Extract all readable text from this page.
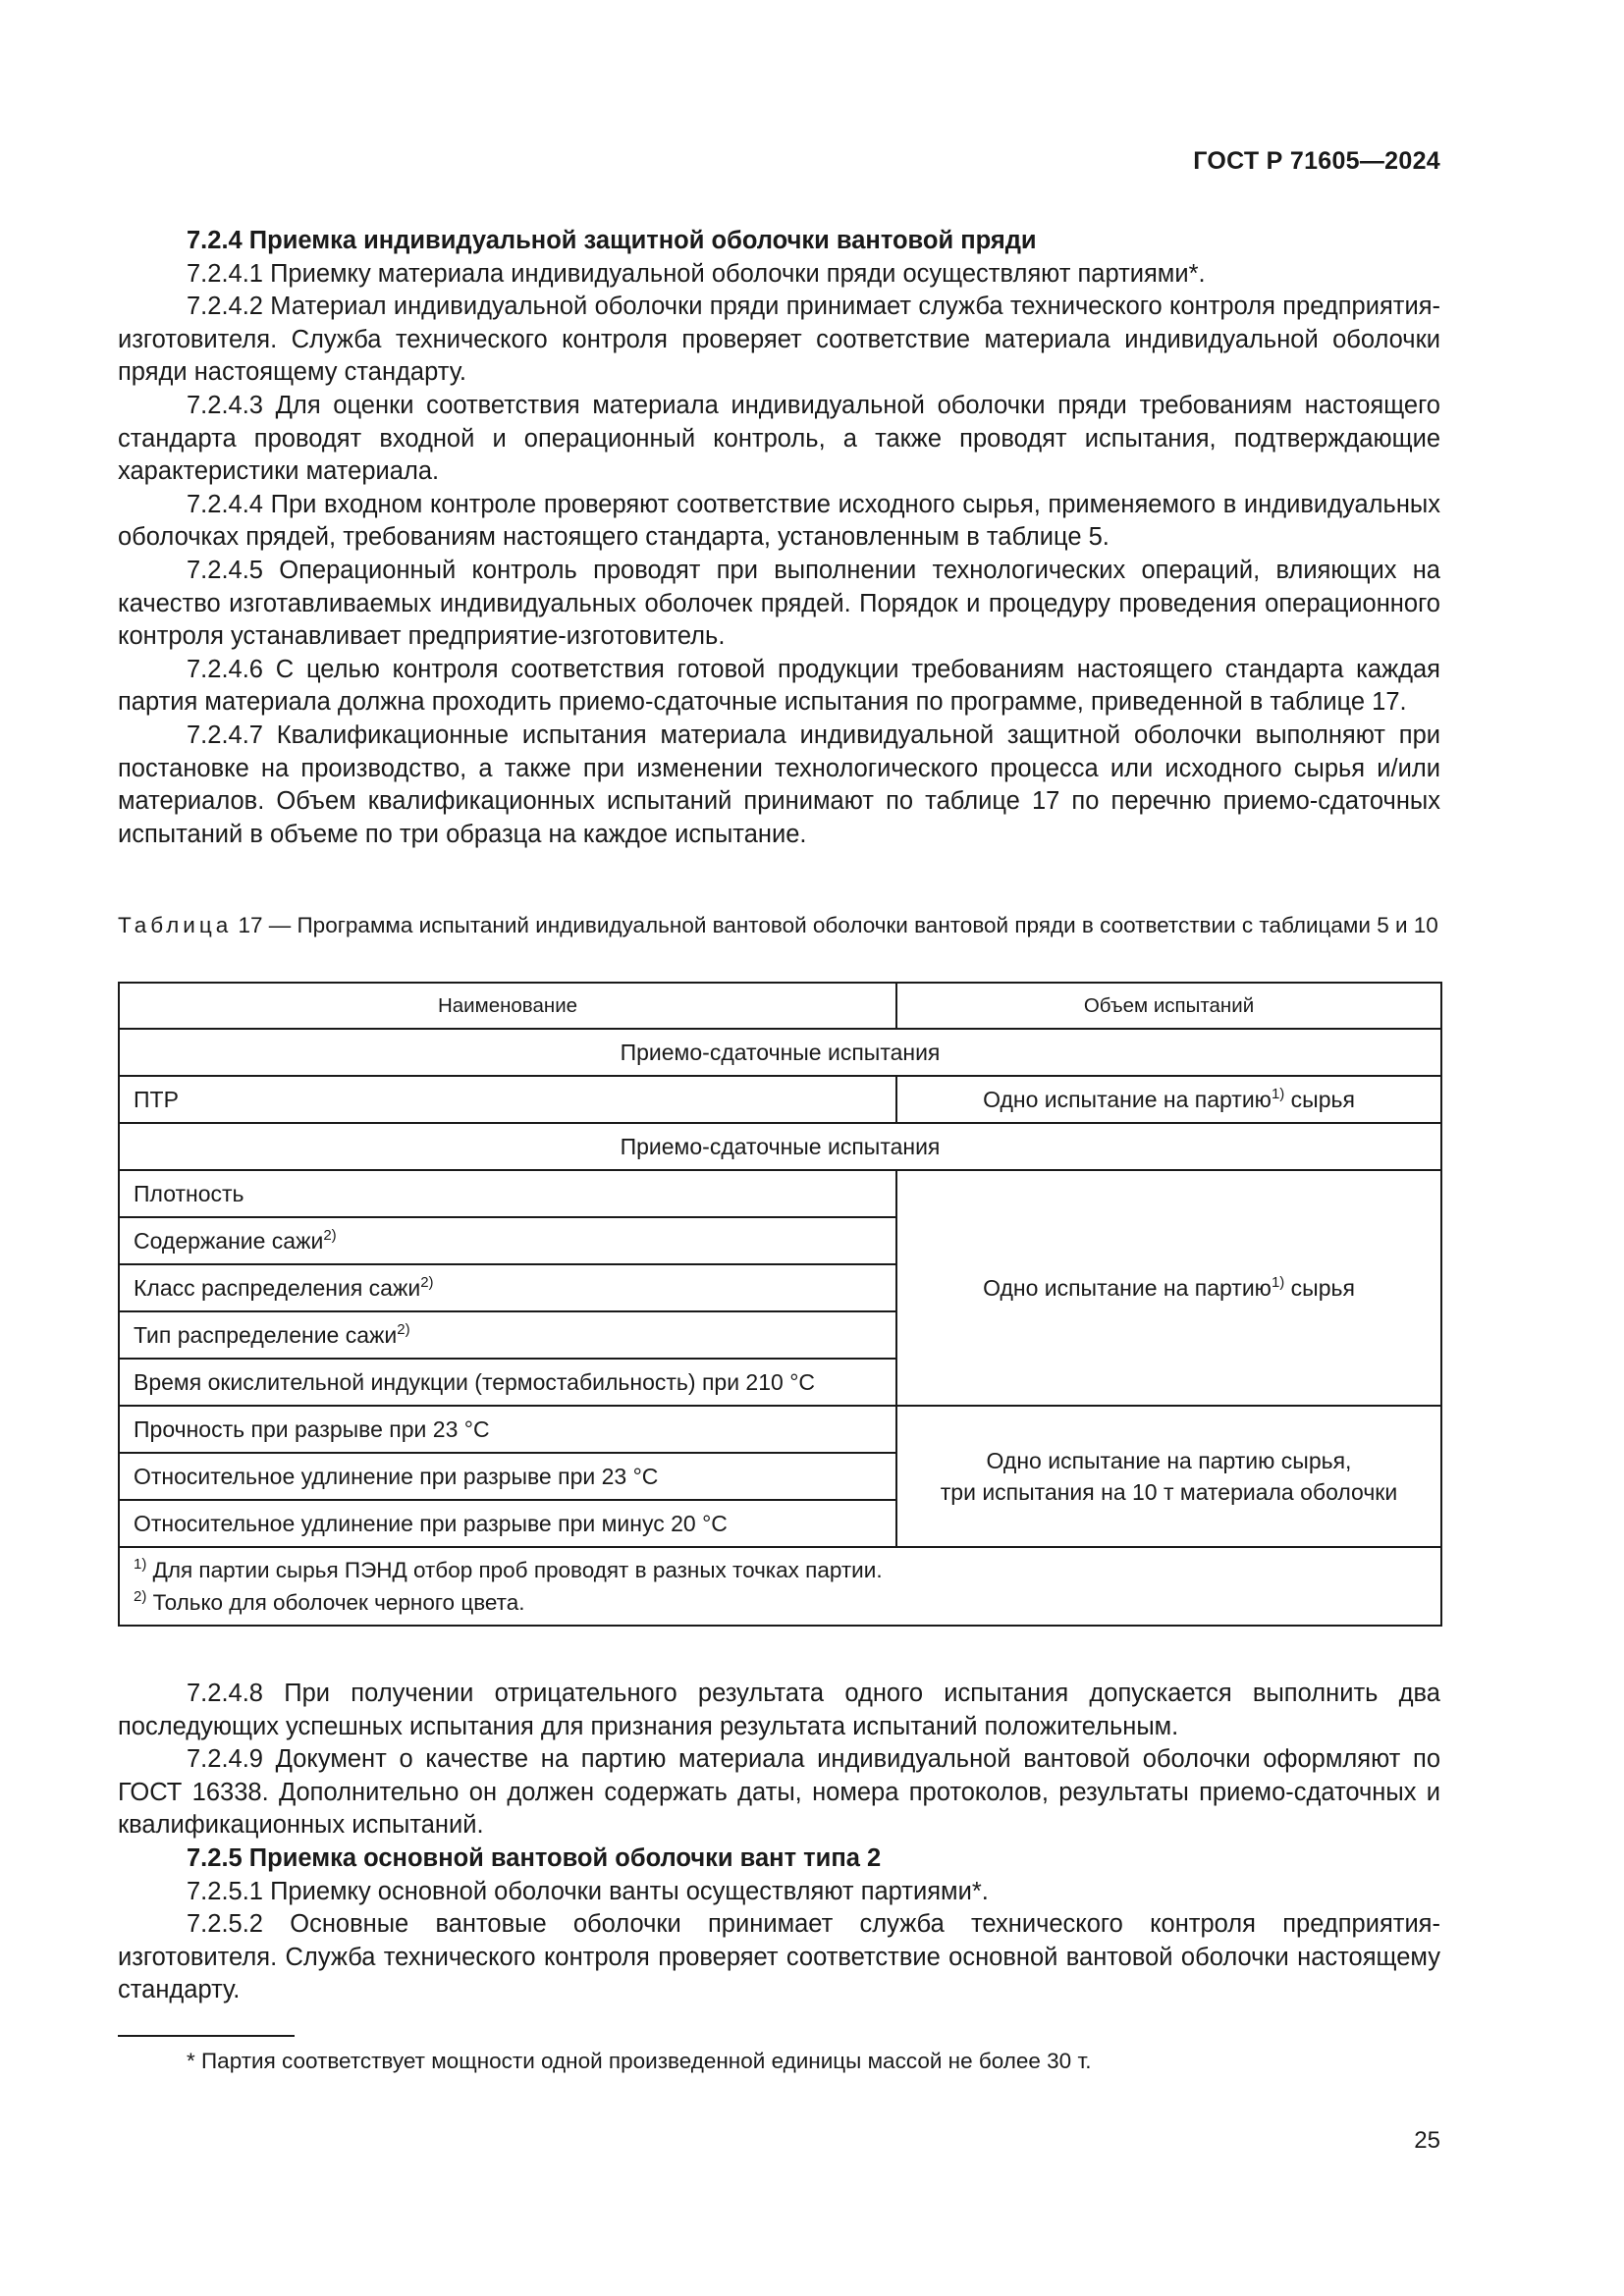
ГОСТ Р 71605—2024

7.2.4 Приемка индивидуальной защитной оболочки вантовой пряди

7.2.4.1 Приемку материала индивидуальной оболочки пряди осуществляют партиями*.

7.2.4.2 Материал индивидуальной оболочки пряди принимает служба технического контроля предприятия-изготовителя. Служба технического контроля проверяет соответствие материала индивидуальной оболочки пряди настоящему стандарту.

7.2.4.3 Для оценки соответствия материала индивидуальной оболочки пряди требованиям настоящего стандарта проводят входной и операционный контроль, а также проводят испытания, подтверждающие характеристики материала.

7.2.4.4 При входном контроле проверяют соответствие исходного сырья, применяемого в индивидуальных оболочках прядей, требованиям настоящего стандарта, установленным в таблице 5.

7.2.4.5 Операционный контроль проводят при выполнении технологических операций, влияющих на качество изготавливаемых индивидуальных оболочек прядей. Порядок и процедуру проведения операционного контроля устанавливает предприятие-изготовитель.

7.2.4.6 С целью контроля соответствия готовой продукции требованиям настоящего стандарта каждая партия материала должна проходить приемо-сдаточные испытания по программе, приведенной в таблице 17.

7.2.4.7 Квалификационные испытания материала индивидуальной защитной оболочки выполняют при постановке на производство, а также при изменении технологического процесса или исходного сырья и/или материалов. Объем квалификационных испытаний принимают по таблице 17 по перечню приемо-сдаточных испытаний в объеме по три образца на каждое испытание.

Таблица 17 — Программа испытаний индивидуальной вантовой оболочки вантовой пряди в соответствии с таблицами 5 и 10
Наименование	Объем испытаний
Приемо-сдаточные испытания	
ПТР	Одно испытание на партию$^{1)}$ сырья
Приемо-сдаточные испытания	
Плотность	Одно испытание на партию$^{1)}$ сырья
Содержание сажи$^{2)}$
Класс распределения сажи$^{2)}$
Тип распределение сажи$^{2)}$
Время окислительной индукции (термостабильность) при 210 °С	
Прочность при разрыве при 23 °С	Одно испытание на партию сырья,
три испытания на 10 т материала оболочки
Относительное удлинение при разрыве при 23 °С	
Относительное удлинение при разрыве при минус 20 °С	

$^{1)}$ Для партии сырья ПЭНД отбор проб проводят в разных точках партии.
$^{2)}$ Только для оболочек черного цвета.	

7.2.4.8 При получении отрицательного результата одного испытания допускается выполнить два последующих успешных испытания для признания результата испытаний положительным.

7.2.4.9 Документ о качестве на партию материала индивидуальной вантовой оболочки оформляют по ГОСТ 16338. Дополнительно он должен содержать даты, номера протоколов, результаты приемо-сдаточных и квалификационных испытаний.

7.2.5 Приемка основной вантовой оболочки вант типа 2

7.2.5.1 Приемку основной оболочки ванты осуществляют партиями*.

7.2.5.2 Основные вантовые оболочки принимает служба технического контроля предприятия-изготовителя. Служба технического контроля проверяет соответствие основной вантовой оболочки настоящему стандарту.

* Партия соответствует мощности одной произведенной единицы массой не более 30 т.
25
